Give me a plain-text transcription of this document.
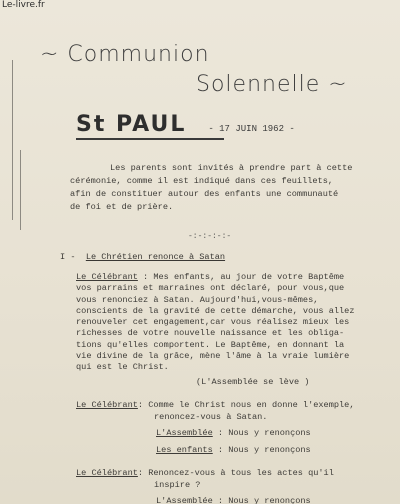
Le-livre.fr
~ Communion
Solennelle ~
St PAUL - 17 JUIN 1962 -
Les parents sont invités à prendre part à cette
cérémonie, comme il est indiqué dans ces feuillets,
afin de constituer autour des enfants une communauté
de foi et de prière.
-:-:-:-:-
I - Le Chrétien renonce à Satan
Le Célébrant : Mes enfants, au jour de votre Baptême
vos parrains et marraines ont déclaré, pour vous,que
vous renonciez à Satan. Aujourd'hui,vous-mêmes,
conscients de la gravité de cette démarche, vous allez
renouveler cet engagement,car vous réalisez mieux les
richesses de votre nouvelle naissance et les obliga-
tions qu'elles comportent. Le Baptême, en donnant la
vie divine de la grâce, mène l'âme à la vraie lumière
qui est le Christ.
(L'Assemblée se lève )
Le Célébrant: Comme le Christ nous en donne l'exemple,
renoncez-vous à Satan.
L'Assemblée : Nous y renonçons
Les enfants : Nous y renonçons
Le Célébrant: Renoncez-vous à tous les actes qu'il
inspire ?
L'Assemblée : Nous y renonçons
